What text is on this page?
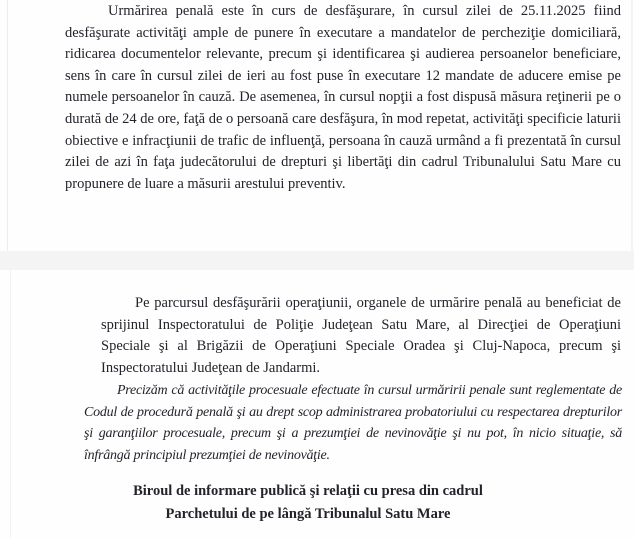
Urmărirea penală este în curs de desfăşurare, în cursul zilei de 25.11.2025 fiind desfăşurate activităţi ample de punere în executare a mandatelor de percheziţie domiciliară, ridicarea documentelor relevante, precum şi identificarea şi audierea persoanelor beneficiare, sens în care în cursul zilei de ieri au fost puse în executare 12 mandate de aducere emise pe numele persoanelor în cauză. De asemenea, în cursul nopţii a fost dispusă măsura reţinerii pe o durată de 24 de ore, faţă de o persoană care desfăşura, în mod repetat, activităţi specificie laturii obiective e infracţiunii de trafic de influenţă, persoana în cauză urmând a fi prezentată în cursul zilei de azi în faţa judecătorului de drepturi şi libertăţi din cadrul Tribunalului Satu Mare cu propunere de luare a măsurii arestului preventiv.

Pe parcursul desfăşurării operaţiunii, organele de urmărire penală au beneficiat de sprijinul Inspectoratului de Poliţie Judeţean Satu Mare, al Direcţiei de Operaţiuni Speciale şi al Brigăzii de Operaţiuni Speciale Oradea şi Cluj-Napoca, precum şi Inspectoratului Judeţean de Jandarmi.

Precizăm că activităţile procesuale efectuate în cursul urmăririi penale sunt reglementate de Codul de procedură penală şi au drept scop administrarea probatoriului cu respectarea drepturilor şi garanţiilor procesuale, precum şi a prezumţiei de nevinovăţie şi nu pot, în nicio situaţie, să înfrângă principiul prezumţiei de nevinovăţie.

Biroul de informare publică şi relaţii cu presa din cadrul
Parchetului de pe lângă Tribunalul Satu Mare
